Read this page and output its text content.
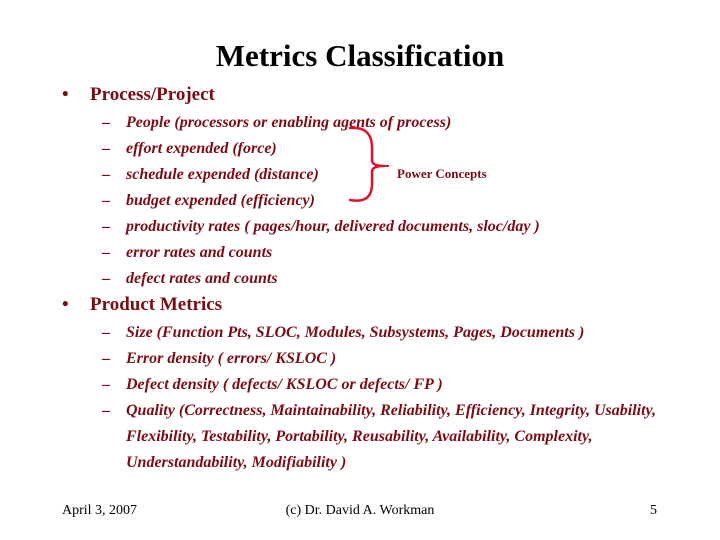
Metrics Classification
• Process/Project
– People (processors or enabling agents of process)
– effort expended (force)
– schedule expended (distance)
– budget expended (efficiency)
– productivity rates ( pages/hour, delivered documents, sloc/day )
– error rates and counts
– defect rates and counts
Power Concepts
• Product Metrics
– Size (Function Pts, SLOC, Modules, Subsystems, Pages, Documents )
– Error density ( errors/ KSLOC )
– Defect density ( defects/ KSLOC or defects/ FP )
– Quality (Correctness, Maintainability, Reliability, Efficiency, Integrity, Usability, Flexibility, Testability, Portability, Reusability, Availability, Complexity, Understandability, Modifiability )
April 3, 2007	(c) Dr. David A. Workman	5
